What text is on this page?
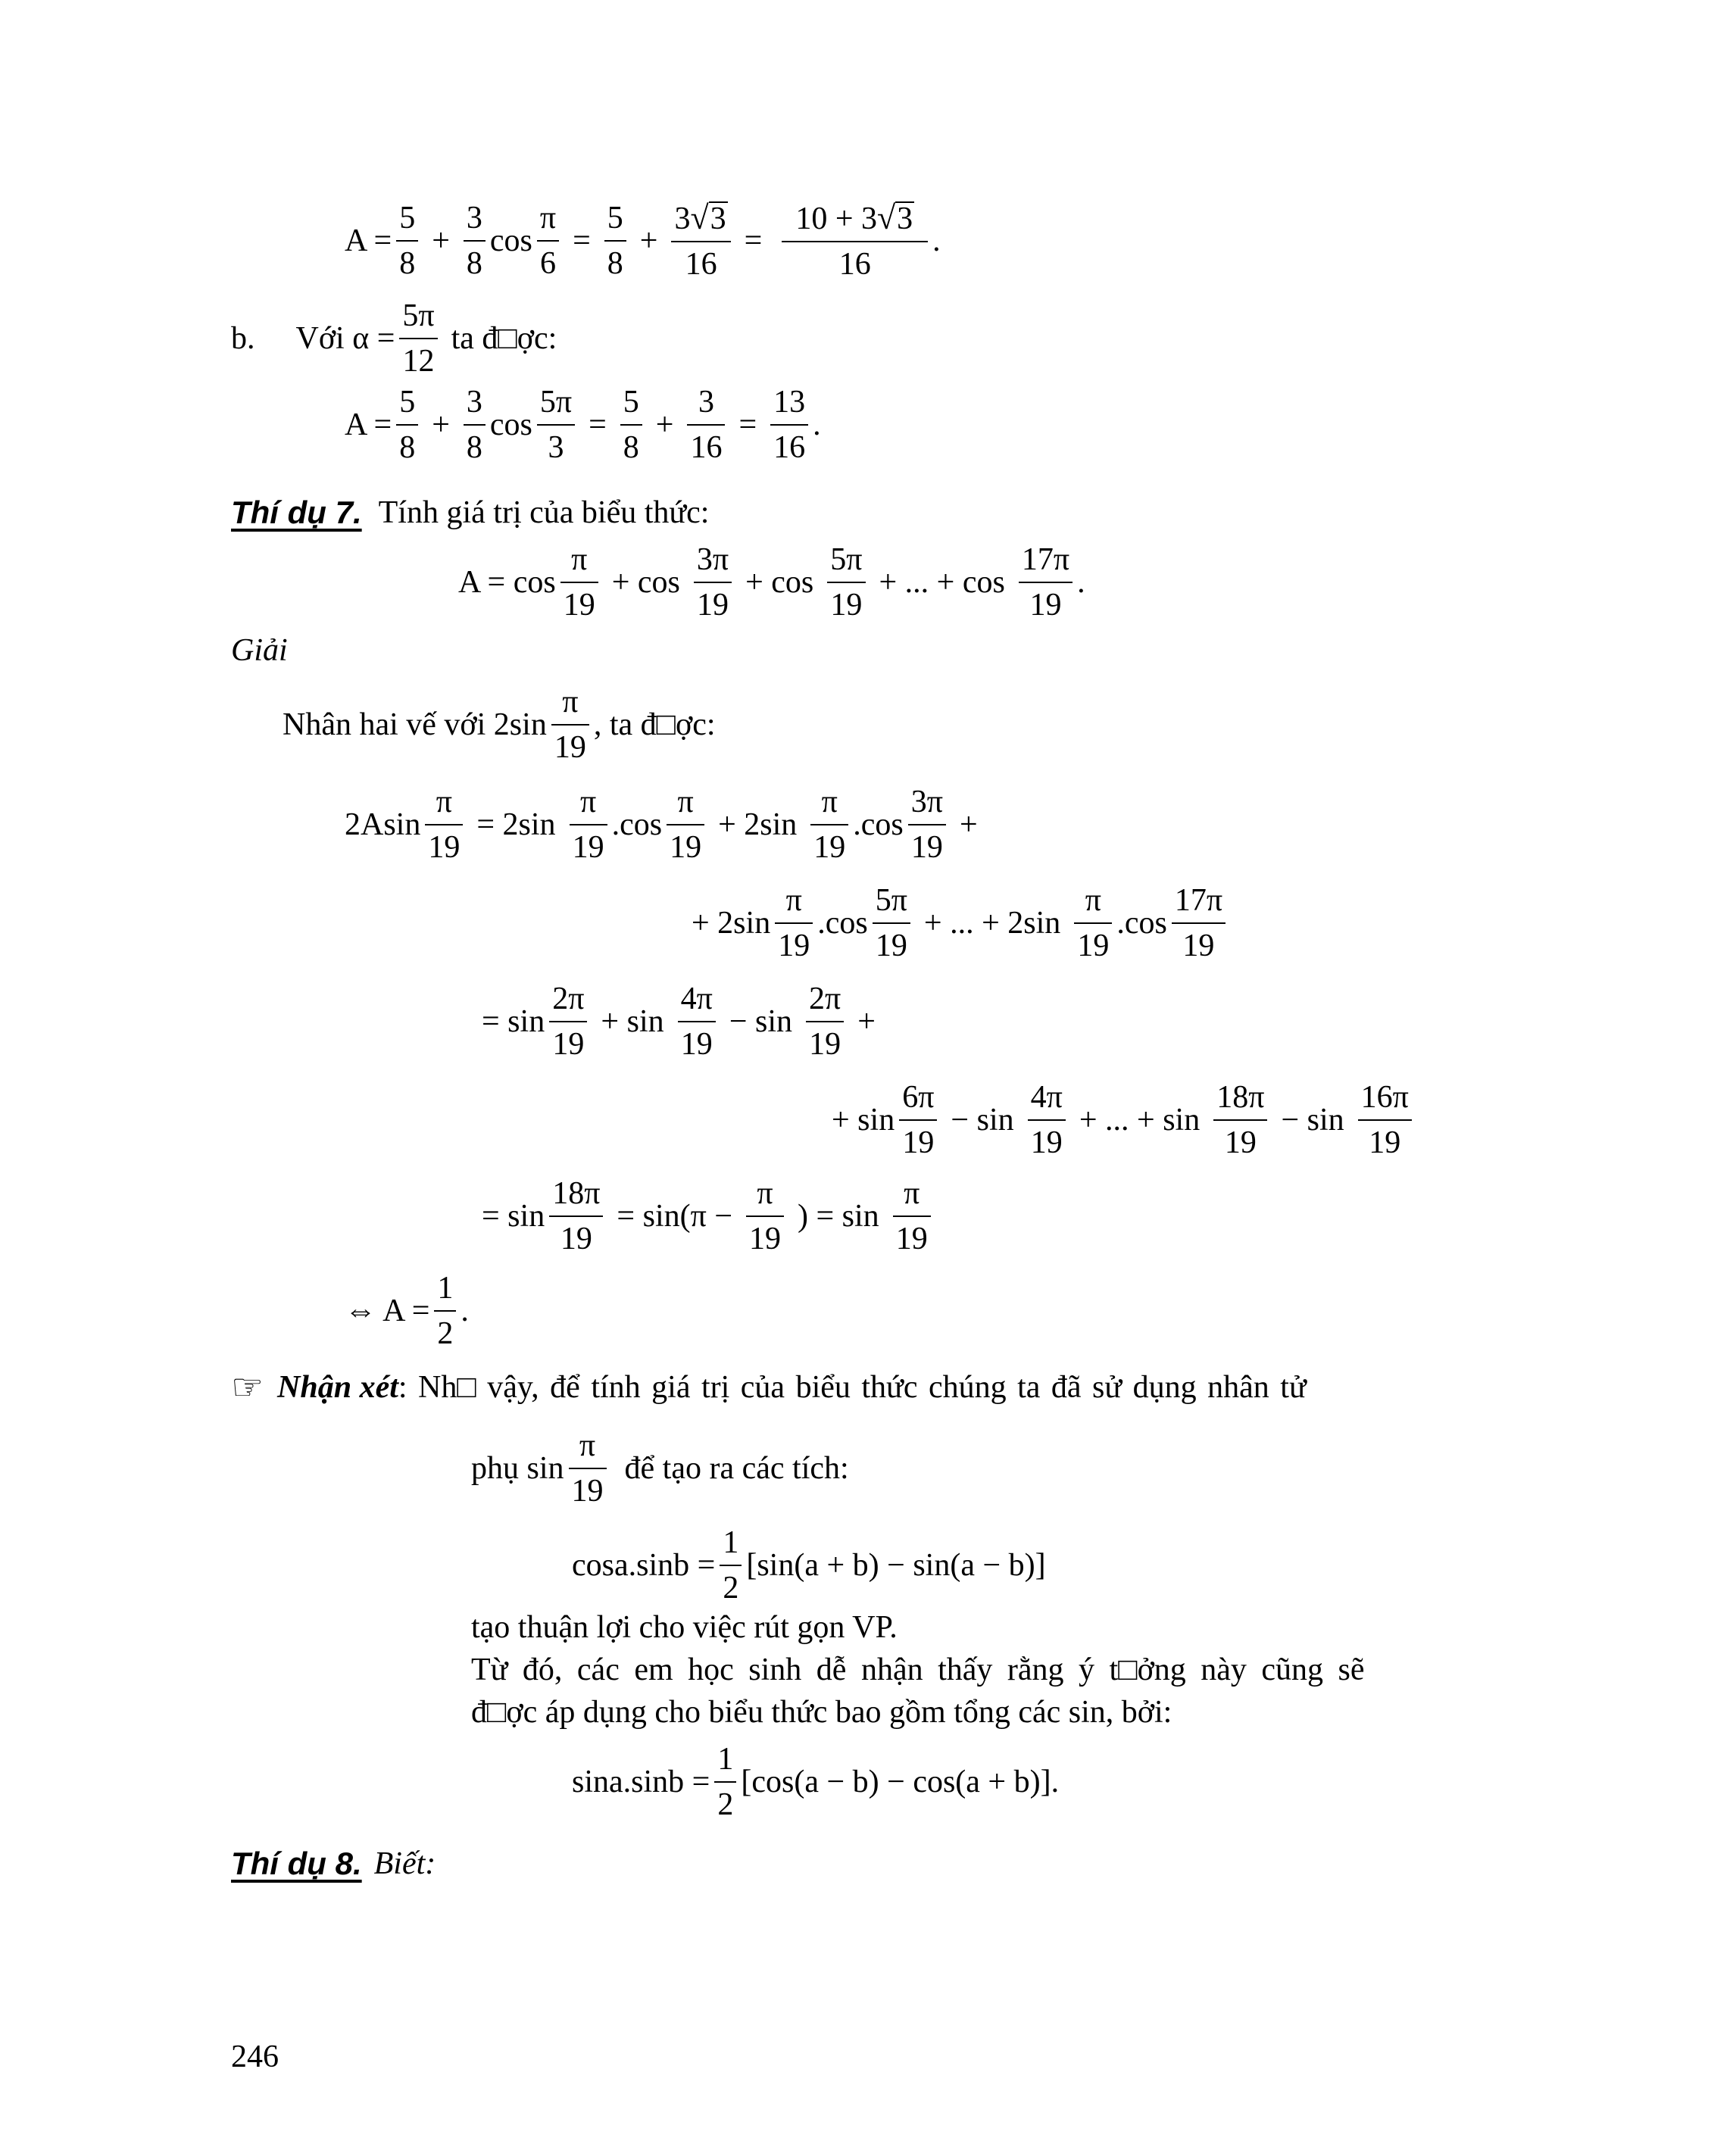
$A = \frac{5}{8} + \frac{3}{8}$ $\cos \frac{\pi}{6} = \frac{5}{8} + \frac{3 √ 3}{16} = \frac{10 + 3 √ 3}{16}$ .
b. Với $\alpha = \frac{5\pi}{12}$ ta đ□ợc:
$A = \frac{5}{8} + \frac{3}{8}$ $\cos \frac{5\pi}{3} = \frac{5}{8} + \frac{3}{16} = \frac{13}{16}$ .
Thí dụ 7. Tính giá trị của biểu thức:
$A = \cos \frac{\pi}{19} + \cos \frac{3\pi}{19} + \cos \frac{5\pi}{19}$ + ... + $\cos \frac{17\pi}{19}$ .
Giải
Nhân hai vế với $2\sin \frac{\pi}{19}$ , ta đ□ợc:
$2Asin \frac{\pi}{19} = 2\sin \frac{\pi}{19} .\cos \frac{\pi}{19} + 2\sin \frac{\pi}{19} .\cos \frac{3\pi}{19}$ +
+ $2\sin \frac{\pi}{19} .\cos \frac{5\pi}{19}$ + ... + $2\sin \frac{\pi}{19} .\cos \frac{17\pi}{19}$
= $\sin \frac{2\pi}{19} + \sin \frac{4\pi}{19} - \sin \frac{2\pi}{19}$ +
+ $\sin \frac{6\pi}{19} - \sin \frac{4\pi}{19}$ + ... + $\sin \frac{18\pi}{19} - \sin \frac{16\pi}{19}$
= $\sin \frac{18\pi}{19} = \sin(\pi - \frac{\pi}{19}$ ) = $\sin \frac{\pi}{19}$
⇔ $A = \frac{1}{2}$ .
☞ Nhận xét : Nh□ vậy, để tính giá trị của biểu thức chúng ta đã sử dụng nhân tử
phụ $\sin \frac{\pi}{19}$ để tạo ra các tích:
$\cos a.\sin b = \frac{1}{2} [\sin(a + b) - \sin(a - b)]$
tạo thuận lợi cho việc rút gọn VP.
Từ đó, các em học sinh dễ nhận thấy rằng ý t□ởng này cũng sẽ
đ□ợc áp dụng cho biểu thức bao gồm tổng các sin, bởi:
$\sin a.\sin b = \frac{1}{2} [\cos(a - b) - \cos(a + b)]$.
Thí dụ 8. Biết:
246
